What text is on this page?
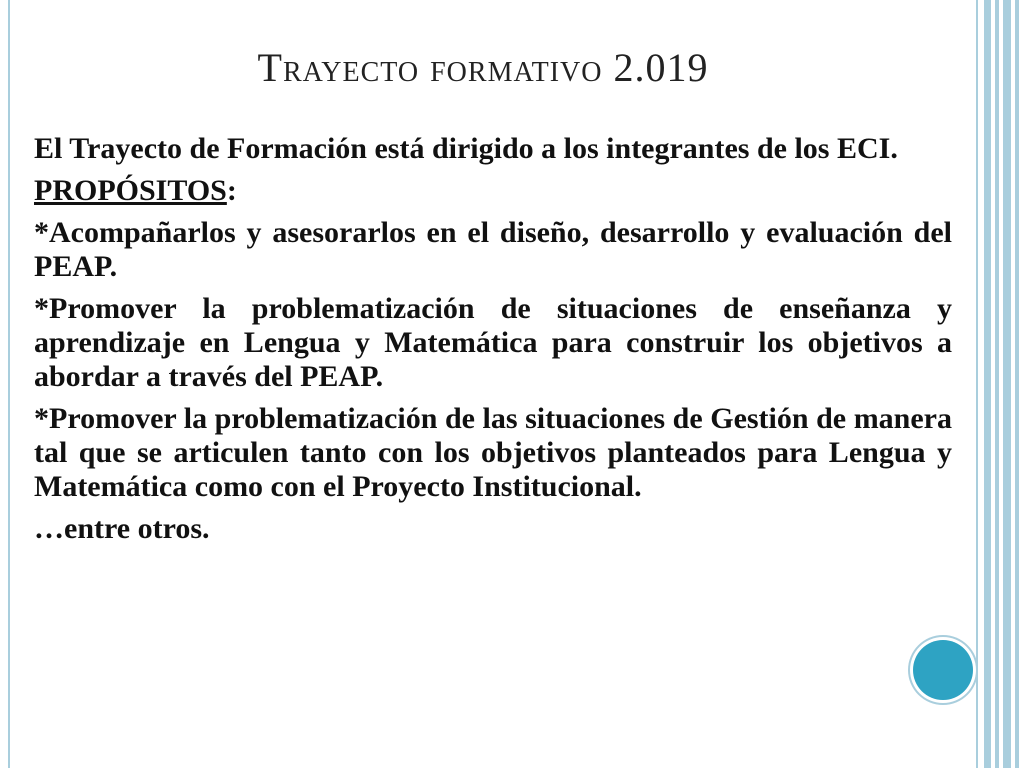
Trayecto formativo 2.019

El Trayecto de Formación está dirigido a los integrantes de los ECI.

PROPÓSITOS:

*Acompañarlos y asesorarlos en el diseño, desarrollo y evaluación del PEAP.

*Promover la problematización de situaciones de enseñanza y aprendizaje en Lengua y Matemática para construir los objetivos a abordar a través del PEAP.

*Promover la problematización de las situaciones de Gestión de manera tal que se articulen tanto con los objetivos planteados para Lengua y Matemática como con el Proyecto Institucional.

…entre otros.
